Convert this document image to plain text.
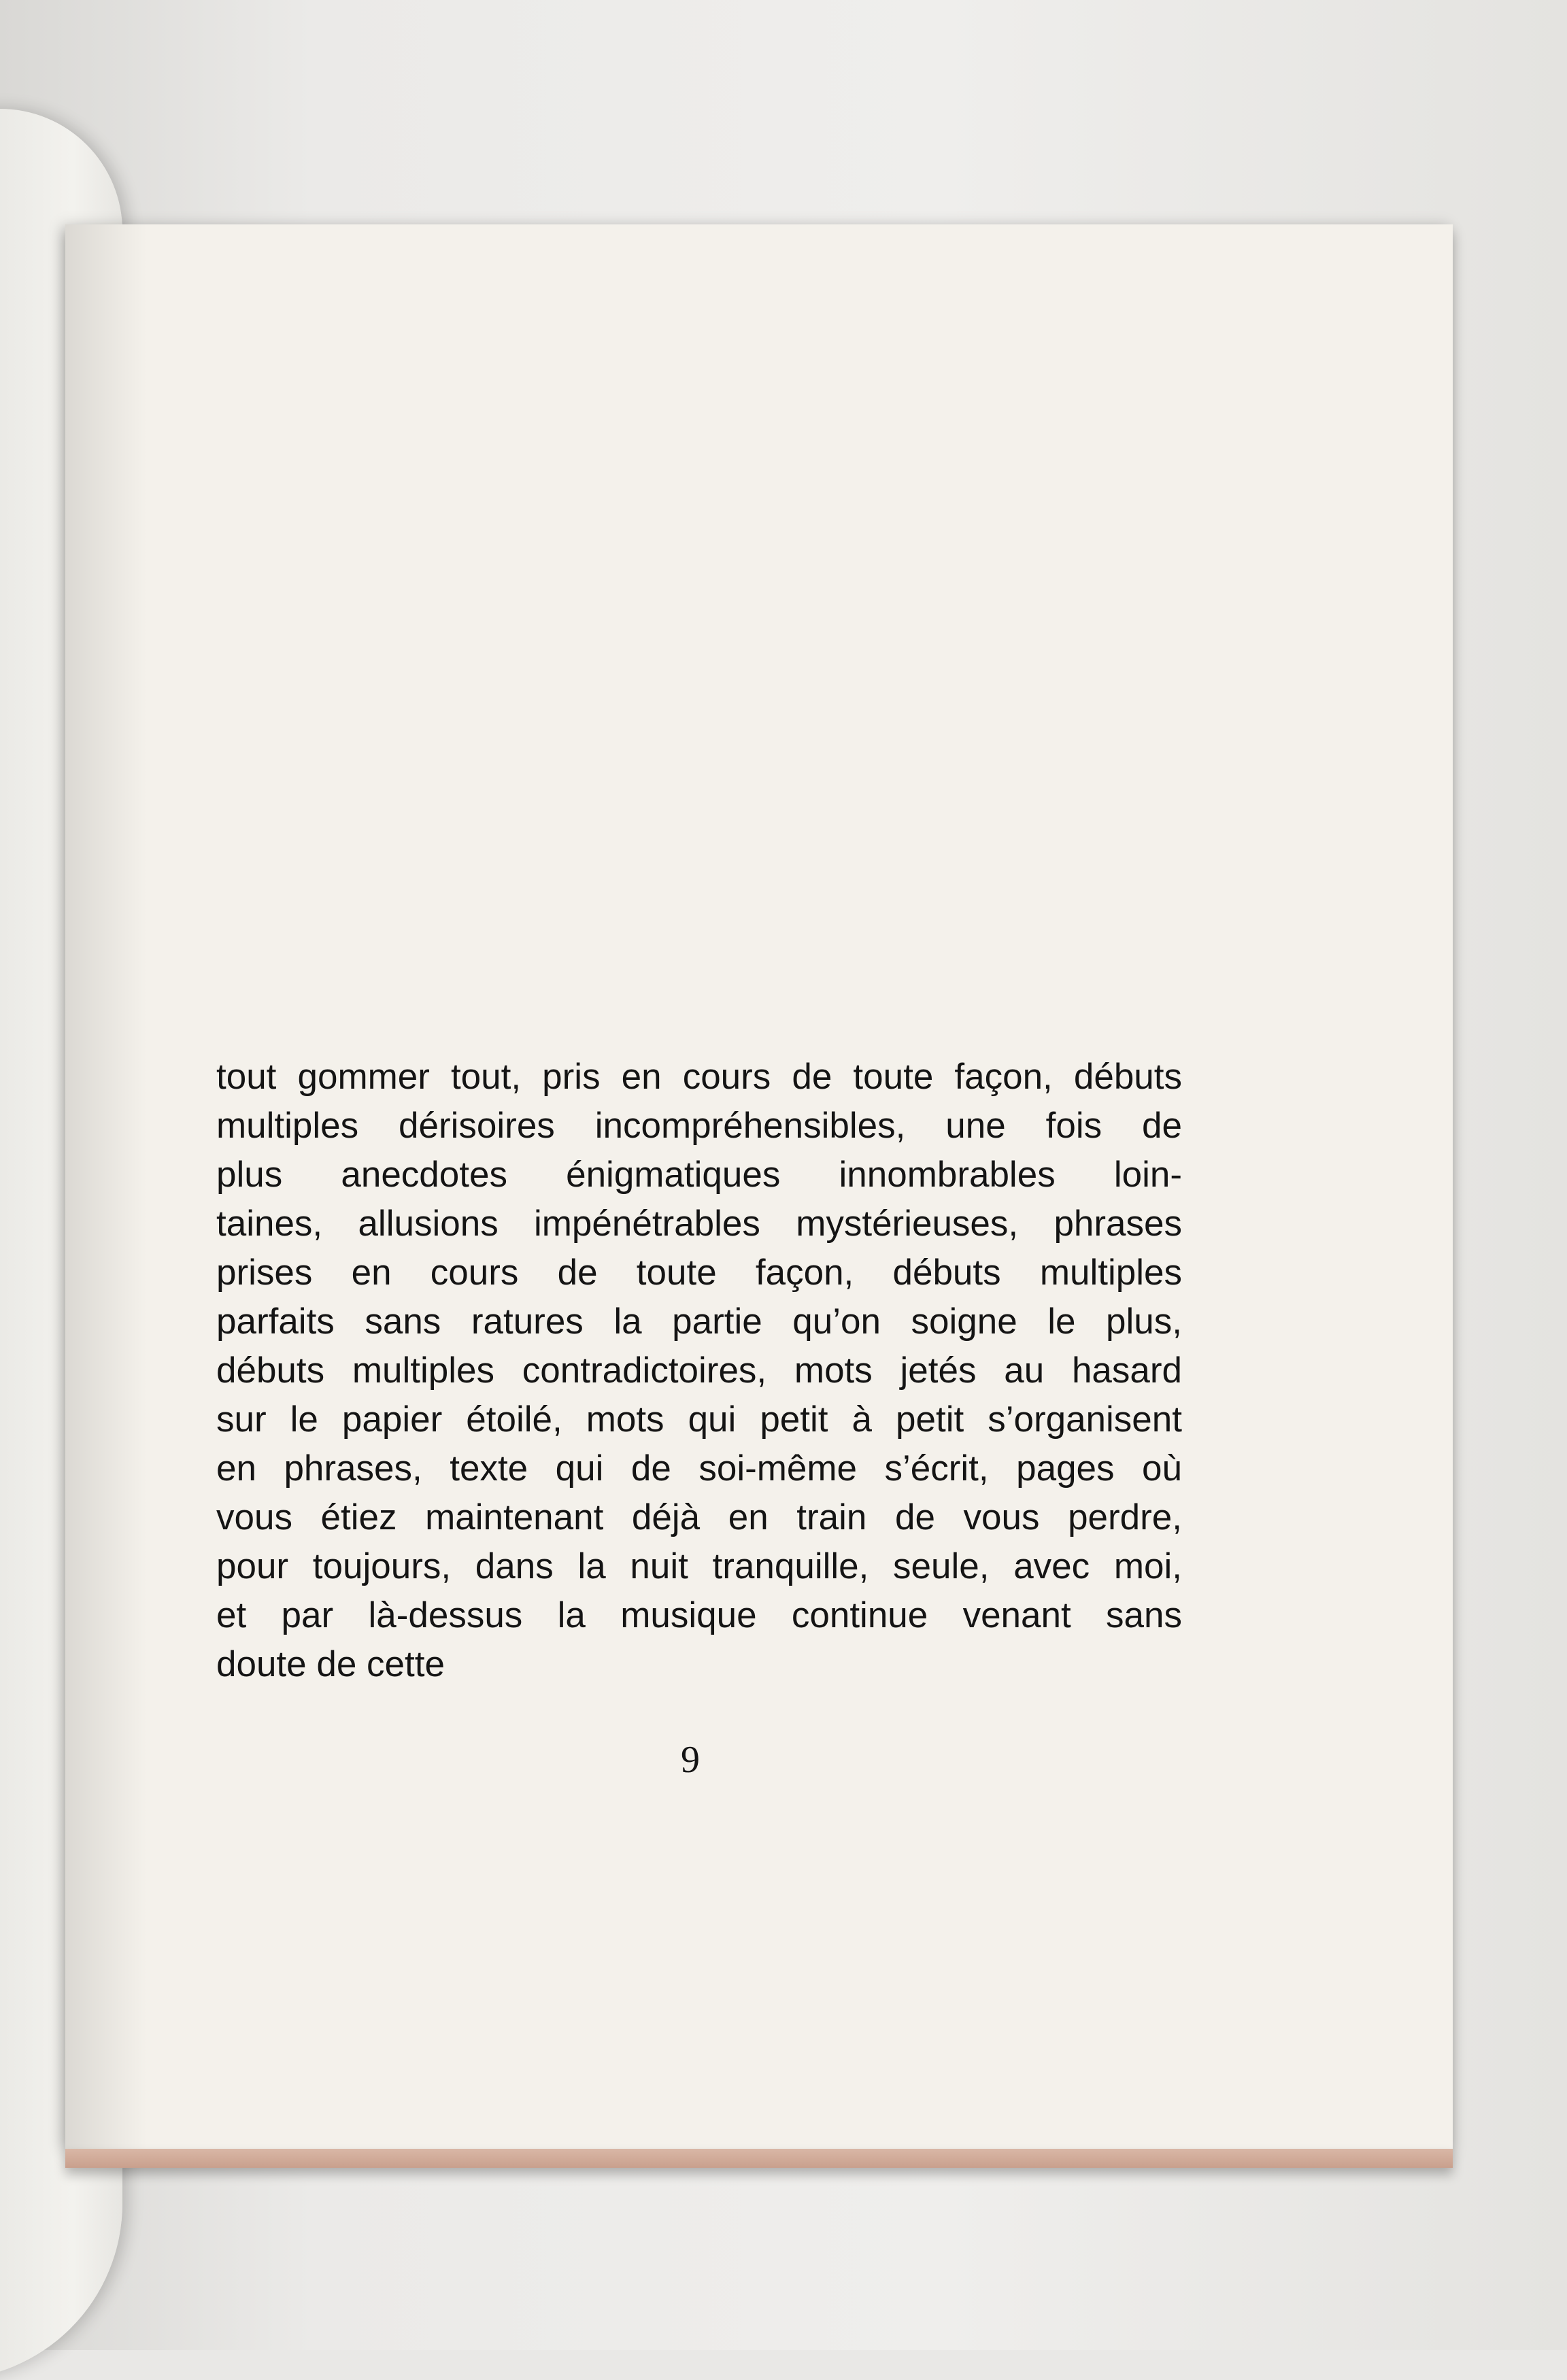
tout gommer tout, pris en cours de toute façon, débuts
multiples dérisoires incompréhensibles, une fois de
plus anecdotes énigmatiques innombrables loin-
taines, allusions impénétrables mystérieuses, phrases
prises en cours de toute façon, débuts multiples
parfaits sans ratures la partie qu’on soigne le plus,
débuts multiples contradictoires, mots jetés au hasard
sur le papier étoilé, mots qui petit à petit s’organisent
en phrases, texte qui de soi-même s’écrit, pages où
vous étiez maintenant déjà en train de vous perdre,
pour toujours, dans la nuit tranquille, seule, avec moi,
et par là-dessus la musique continue venant sans
doute de cette

9
